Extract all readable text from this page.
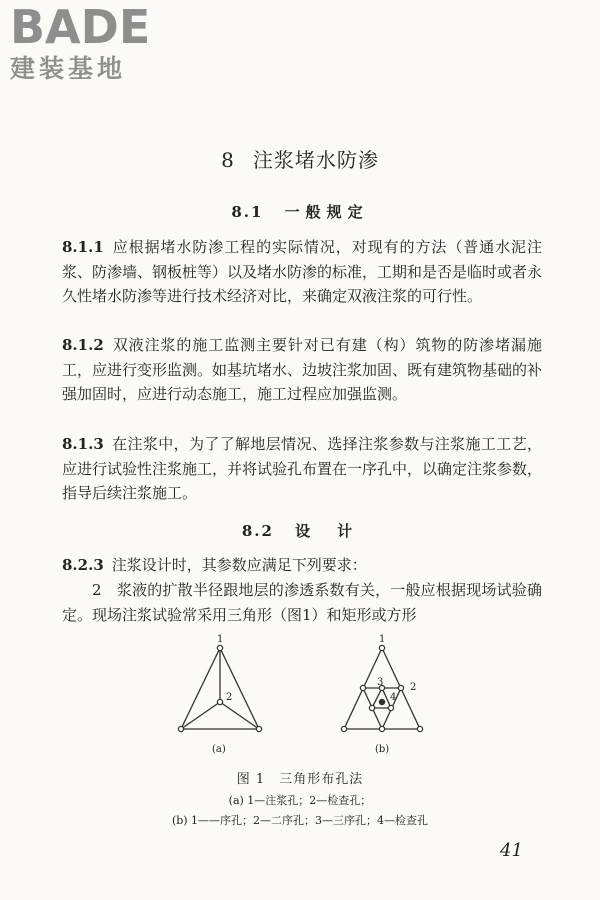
BADE
建装基地
8 注浆堵水防渗
8.1 一般规定
8.1.1 应根据堵水防渗工程的实际情况，对现有的方法（普通水泥注浆、防渗墙、钢板桩等）以及堵水防渗的标准，工期和是否是临时或者永久性堵水防渗等进行技术经济对比，来确定双液注浆的可行性。
8.1.2 双液注浆的施工监测主要针对已有建（构）筑物的防渗堵漏施工，应进行变形监测。如基坑堵水、边坡注浆加固、既有建筑物基础的补强加固时，应进行动态施工，施工过程应加强监测。
8.1.3 在注浆中，为了了解地层情况、选择注浆参数与注浆施工工艺，应进行试验性注浆施工，并将试验孔布置在一序孔中，以确定注浆参数，指导后续注浆施工。
8.2 设　计
8.2.3 注浆设计时，其参数应满足下列要求：
2　浆液的扩散半径跟地层的渗透系数有关，一般应根据现场试验确定。现场注浆试验常采用三角形（图1）和矩形或方形
1
2
1
2
3
4
(a)	(b)
图 1　三角形布孔法
(a) 1—注浆孔；2—检查孔；
(b) 1——序孔；2—二序孔；3—三序孔；4—检查孔
41
